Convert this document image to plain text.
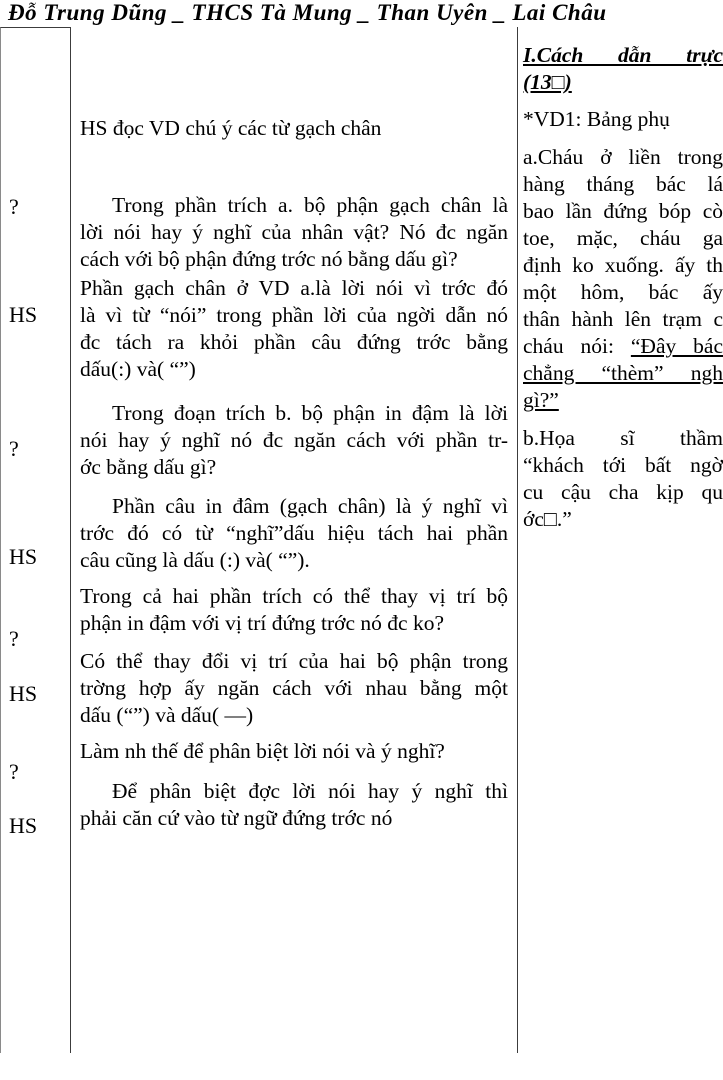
Đỗ Trung Dũng _ THCS Tà Mung _ Than Uyên _ Lai Châu
?
HS
?
HS
?
HS
?
HS
HS đọc VD chú ý các từ gạch chân
Trong phần trích a. bộ phận gạch chân là
lời nói hay ý nghĩ của nhân vật? Nó đc ngăn
cách với bộ phận đứng trớc nó bằng dấu gì?
Phần gạch chân ở VD a.là lời nói vì trớc đó
là vì từ “nói” trong phần lời của ngời dẫn nó
đc tách ra khỏi phần câu đứng trớc bằng
dấu(:) và( “”)
Trong đoạn trích b. bộ phận in đậm là lời
nói hay ý nghĩ nó đc ngăn cách với phần tr-
ớc bằng dấu gì?
Phần câu in đâm (gạch chân) là ý nghĩ vì
trớc đó có từ “nghĩ”dấu hiệu tách hai phần
câu cũng là dấu (:) và( “”).
Trong cả hai phần trích có thể thay vị trí bộ
phận in đậm với vị trí đứng trớc nó đc ko?
Có thể thay đổi vị trí của hai bộ phận trong
trờng hợp ấy ngăn cách với nhau bằng một
dấu (“”) và dấu( —)
Làm nh thế để phân biệt lời nói và ý nghĩ?
Để phân biệt đợc lời nói hay ý nghĩ thì
phải căn cứ vào từ ngữ đứng trớc nó
I.Cách dẫn trực
(13□)
*VD1: Bảng phụ
a.Cháu ở liền trong
hàng tháng bác lá
bao lần đứng bóp cò
toe, mặc, cháu ga
định ko xuống. ấy th
một hôm, bác ấy
thân hành lên trạm c
cháu nói: “Đây bác
chẳng “thèm” ngh
gì?”
b.Họa sĩ thầm
“khách tới bất ngờ
cu cậu cha kịp qu
ớc□.”
